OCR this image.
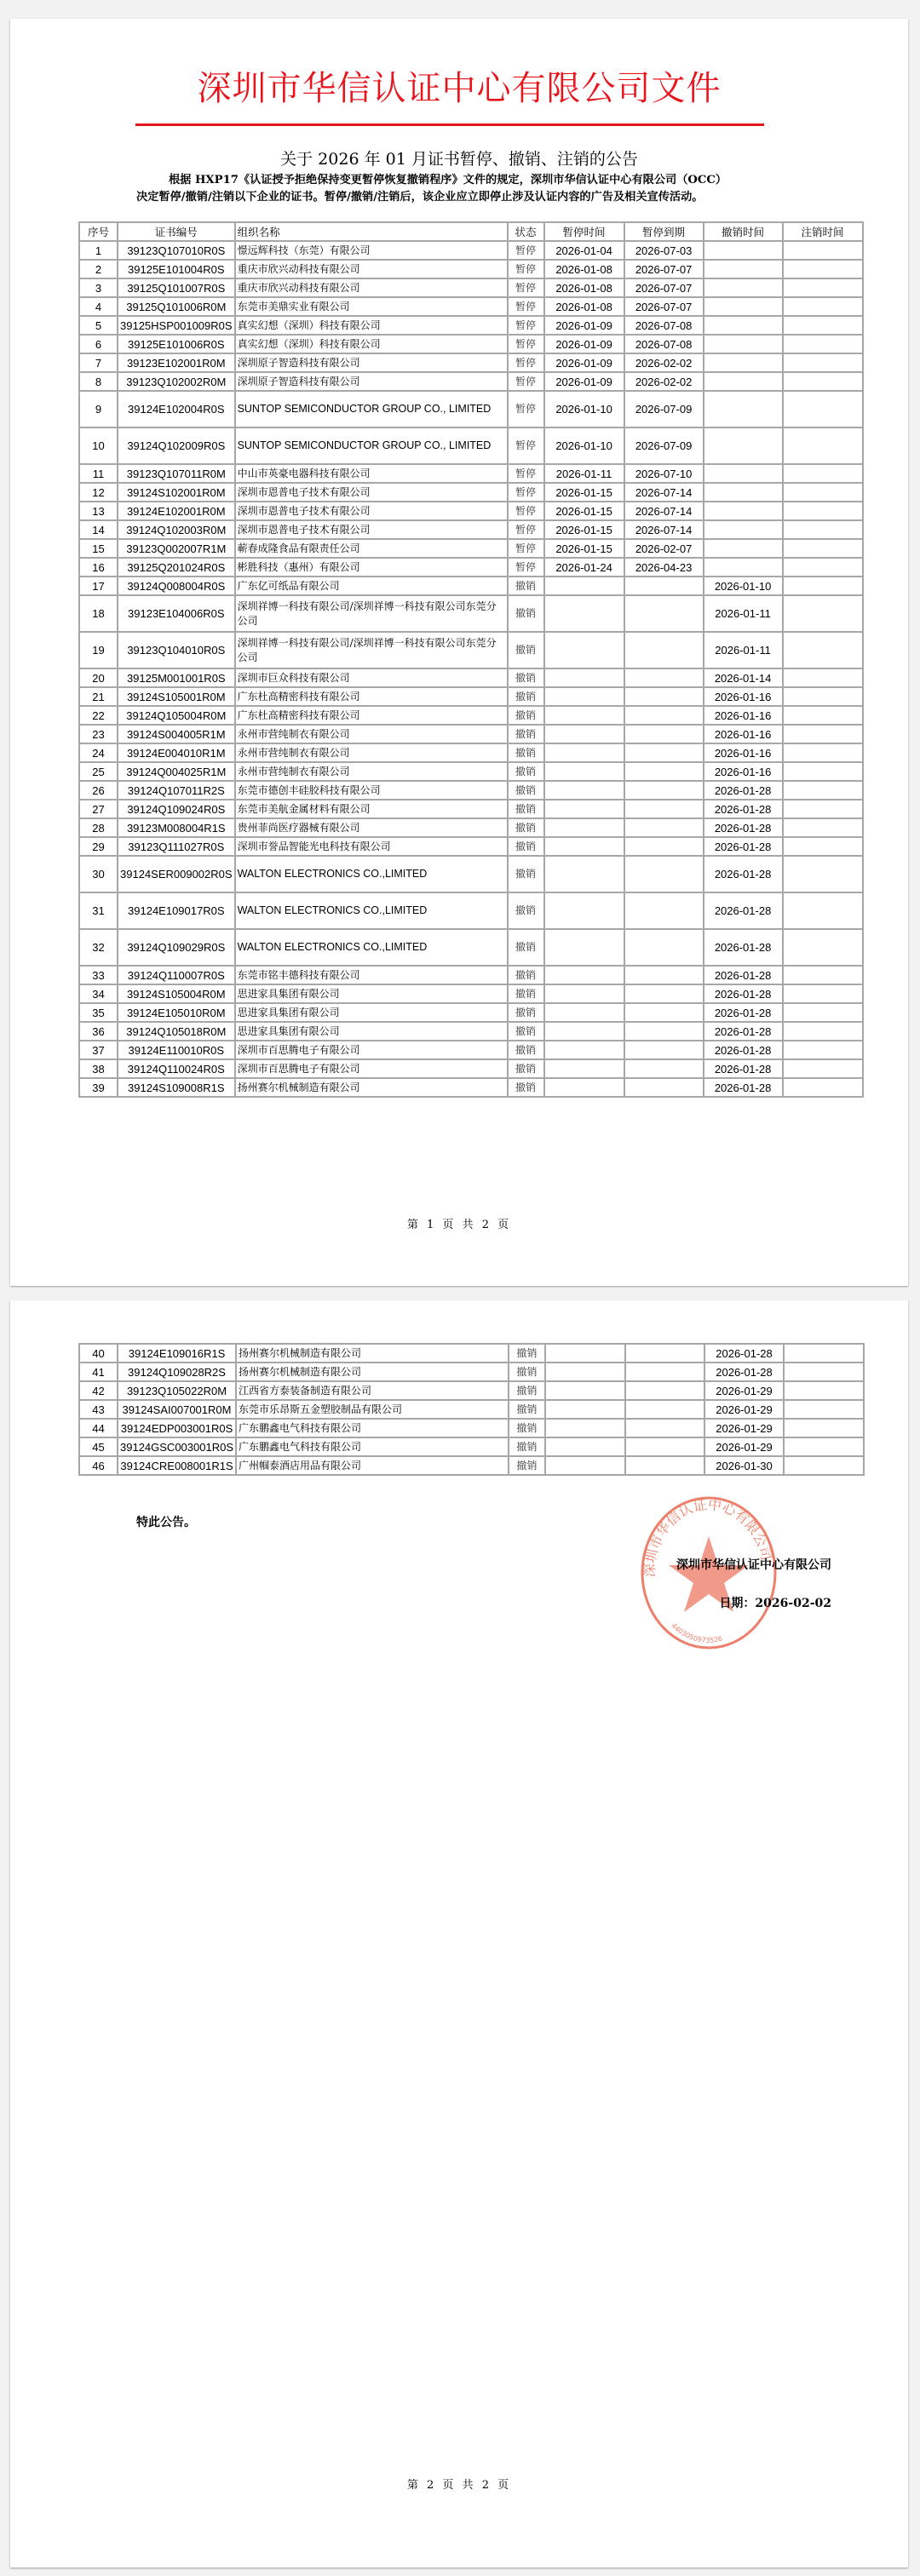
深圳市华信认证中心有限公司文件
关于 2026 年 01 月证书暂停、撤销、注销的公告

根据 HXP17《认证授予拒绝保持变更暂停恢复撤销程序》文件的规定，深圳市华信认证中心有限公司（OCC）

决定暂停/撤销/注销以下企业的证书。暂停/撤销/注销后，该企业应立即停止涉及认证内容的广告及相关宣传活动。

序号	证书编号	组织名称	状态	暂停时间	暂停到期	撤销时间	注销时间
1	39123Q107010R0S	憬远辉科技（东莞）有限公司	暂停	2026-01-04	2026-07-03		
2	39125E101004R0S	重庆市欣兴动科技有限公司	暂停	2026-01-08	2026-07-07		
3	39125Q101007R0S	重庆市欣兴动科技有限公司	暂停	2026-01-08	2026-07-07		
4	39125Q101006R0M	东莞市美鼎实业有限公司	暂停	2026-01-08	2026-07-07		
5	39125HSP001009R0S	真实幻想（深圳）科技有限公司	暂停	2026-01-09	2026-07-08		
6	39125E101006R0S	真实幻想（深圳）科技有限公司	暂停	2026-01-09	2026-07-08		
7	39123E102001R0M	深圳原子智造科技有限公司	暂停	2026-01-09	2026-02-02		
8	39123Q102002R0M	深圳原子智造科技有限公司	暂停	2026-01-09	2026-02-02		
9	39124E102004R0S	SUNTOP SEMICONDUCTOR GROUP CO., LIMITED	暂停	2026-01-10	2026-07-09		
10	39124Q102009R0S	SUNTOP SEMICONDUCTOR GROUP CO., LIMITED	暂停	2026-01-10	2026-07-09		
11	39123Q107011R0M	中山市英豪电器科技有限公司	暂停	2026-01-11	2026-07-10		
12	39124S102001R0M	深圳市恩普电子技术有限公司	暂停	2026-01-15	2026-07-14		
13	39124E102001R0M	深圳市恩普电子技术有限公司	暂停	2026-01-15	2026-07-14		
14	39124Q102003R0M	深圳市恩普电子技术有限公司	暂停	2026-01-15	2026-07-14		
15	39123Q002007R1M	蕲春成隆食品有限责任公司	暂停	2026-01-15	2026-02-07		
16	39125Q201024R0S	彬胜科技（惠州）有限公司	暂停	2026-01-24	2026-04-23		
17	39124Q008004R0S	广东亿可纸品有限公司	撤销			2026-01-10	
18	39123E104006R0S	深圳祥博一科技有限公司/深圳祥博一科技有限公司东莞分公司	撤销			2026-01-11	
19	39123Q104010R0S	深圳祥博一科技有限公司/深圳祥博一科技有限公司东莞分公司	撤销			2026-01-11	
20	39125M001001R0S	深圳市巨众科技有限公司	撤销			2026-01-14	
21	39124S105001R0M	广东杜高精密科技有限公司	撤销			2026-01-16	
22	39124Q105004R0M	广东杜高精密科技有限公司	撤销			2026-01-16	
23	39124S004005R1M	永州市营纯制衣有限公司	撤销			2026-01-16	
24	39124E004010R1M	永州市营纯制衣有限公司	撤销			2026-01-16	
25	39124Q004025R1M	永州市营纯制衣有限公司	撤销			2026-01-16	
26	39124Q107011R2S	东莞市德创丰硅胶科技有限公司	撤销			2026-01-28	
27	39124Q109024R0S	东莞市美航金属材料有限公司	撤销			2026-01-28	
28	39123M008004R1S	贵州菲尚医疗器械有限公司	撤销			2026-01-28	
29	39123Q111027R0S	深圳市誉品智能光电科技有限公司	撤销			2026-01-28	
30	39124SER009002R0S	WALTON ELECTRONICS CO.,LIMITED	撤销			2026-01-28	
31	39124E109017R0S	WALTON ELECTRONICS CO.,LIMITED	撤销			2026-01-28	
32	39124Q109029R0S	WALTON ELECTRONICS CO.,LIMITED	撤销			2026-01-28	
33	39124Q110007R0S	东莞市铭丰德科技有限公司	撤销			2026-01-28	
34	39124S105004R0M	思进家具集团有限公司	撤销			2026-01-28	
35	39124E105010R0M	思进家具集团有限公司	撤销			2026-01-28	
36	39124Q105018R0M	思进家具集团有限公司	撤销			2026-01-28	
37	39124E110010R0S	深圳市百思腾电子有限公司	撤销			2026-01-28	
38	39124Q110024R0S	深圳市百思腾电子有限公司	撤销			2026-01-28	
39	39124S109008R1S	扬州赛尔机械制造有限公司	撤销			2026-01-28	
第 1 页 共 2 页
40	39124E109016R1S	扬州赛尔机械制造有限公司	撤销			2026-01-28	
41	39124Q109028R2S	扬州赛尔机械制造有限公司	撤销			2026-01-28	
42	39123Q105022R0M	江西省方泰装备制造有限公司	撤销			2026-01-29	
43	39124SAI007001R0M	东莞市乐昂斯五金塑胶制品有限公司	撤销			2026-01-29	
44	39124EDP003001R0S	广东鹏鑫电气科技有限公司	撤销			2026-01-29	
45	39124GSC003001R0S	广东鹏鑫电气科技有限公司	撤销			2026-01-29	
46	39124CRE008001R1S	广州帼泰酒店用品有限公司	撤销			2026-01-30	
特此公告。
深圳市华信认证中心有限公司
4403050973526
深圳市华信认证中心有限公司
日期：2026-02-02
第 2 页 共 2 页
